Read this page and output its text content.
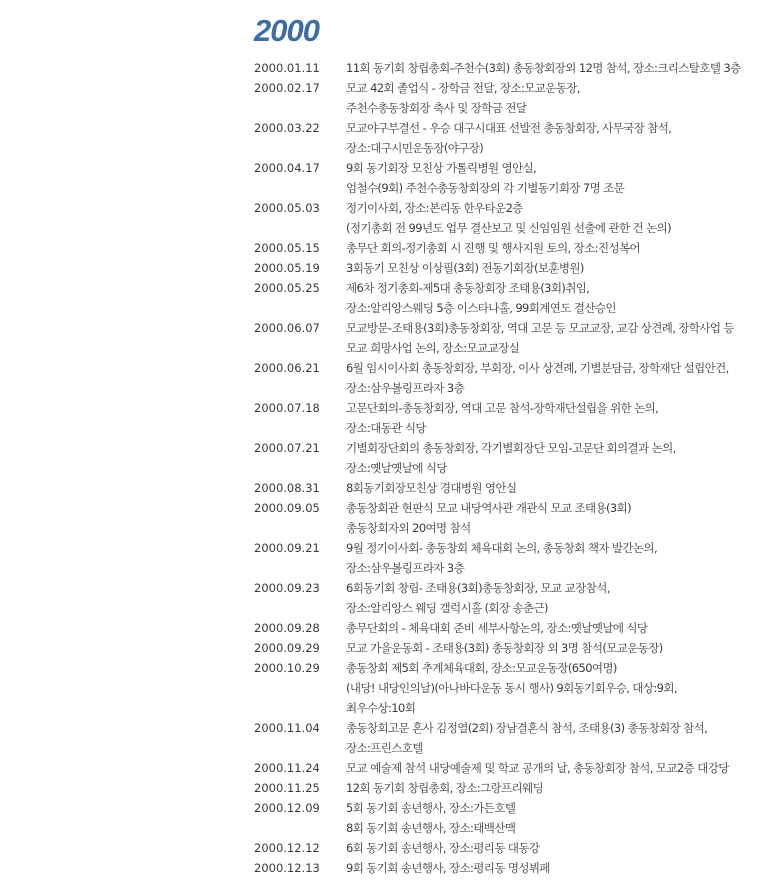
2000
2000.01.11	11회 동기회 창립총회-주천수(3회) 총동창회장외 12명 참석, 장소:크리스탈호텔 3층
2000.02.17	모교 42회 졸업식 - 장학금 전달, 장소:모교운동장,
주천수총동창회장 축사 및 장학금 전달
2000.03.22	모교야구부결선 - 우승 대구시대표 선발전 총동창회장, 사무국장 참석,
장소:대구시민운동장(야구장)
2000.04.17	9회 동기회장 모친상 가톨릭병원 영안실,
엄철수(9회) 주천수총동창회장외 각 기별동기회장 7명 조문
2000.05.03	정기이사회, 장소:본리동 한우타운2층
(정기총회 전 99년도 업무 결산보고 및 신임임원 선출에 관한 건 논의)
2000.05.15	총무단 회의-정기총회 시 진행 및 행사지원 토의, 장소:진성복어
2000.05.19	3회동기 모친상 이상필(3회) 전동기회장(보훈병원)
2000.05.25	제6차 정기총회-제5대 총동창회장 조태용(3회)취임,
장소:알리앙스웨딩 5층 이스타나홀, 99회계연도 결산승인
2000.06.07	모교방문-조태용(3회)총동창회장, 역대 고문 등 모교교장, 교감 상견례, 장학사업 등
모교 희망사업 논의, 장소:모교교장실
2000.06.21	6월 임시이사회 총동창회장, 부회장, 이사 상견례, 기별분담금, 장학재단 설립안건,
장소:삼우볼링프라자 3층
2000.07.18	고문단회의-총동창회장, 역대 고문 참석-장학재단설립을 위한 논의,
장소:대동관 식당
2000.07.21	기별회장단회의 총동창회장, 각기별회장단 모임-고문단 회의결과 논의,
장소:옛날옛날에 식당
2000.08.31	8회동기회장모친상 경대병원 영안실
2000.09.05	총동창회관 현판식 모교 내당역사관 개관식 모교 조태용(3회)
총동창회자외 20여명 참석
2000.09.21	9월 정기이사회- 총동창회 체육대회 논의, 총동창회 책자 발간논의,
장소:삼우볼링프라자 3층
2000.09.23	6회동기회 창립- 조태용(3회)총동창회장, 모교 교장참석,
장소:알리앙스 웨딩 갤럭시홀 (회장 송춘근)
2000.09.28	총무단회의 - 체육대회 준비 세부사항논의, 장소:옛날옛날에 식당
2000.09.29	모교 가을운동회 - 조태용(3회) 총동창회장 외 3명 참석(모교운동장)
2000.10.29	총동창회 제5회 추계체육대회, 장소:모교운동장(650여명)
(내당! 내당인의날)(아나바다운동 동시 행사) 9회동기회우승, 대상:9회,
최우수상:10회
2000.11.04	총동창회고문 혼사 김정열(2회) 장남결혼식 참석, 조태용(3) 총동창회장 참석,
장소:프린스호텔
2000.11.24	모교 예술제 참석 내당예술제 및 학교 공개의 날, 총동창회장 참석, 모교2층 대강당
2000.11.25	12회 동기회 창립총회, 장소:그랑프리웨딩
2000.12.09	5회 동기회 송년행사, 장소:가든호텔
8회 동기회 송년행사, 장소:태백산맥
2000.12.12	6회 동기회 송년행사, 장소:평리동 대동강
2000.12.13	9회 동기회 송년행사, 장소:평리동 명성뷔페
